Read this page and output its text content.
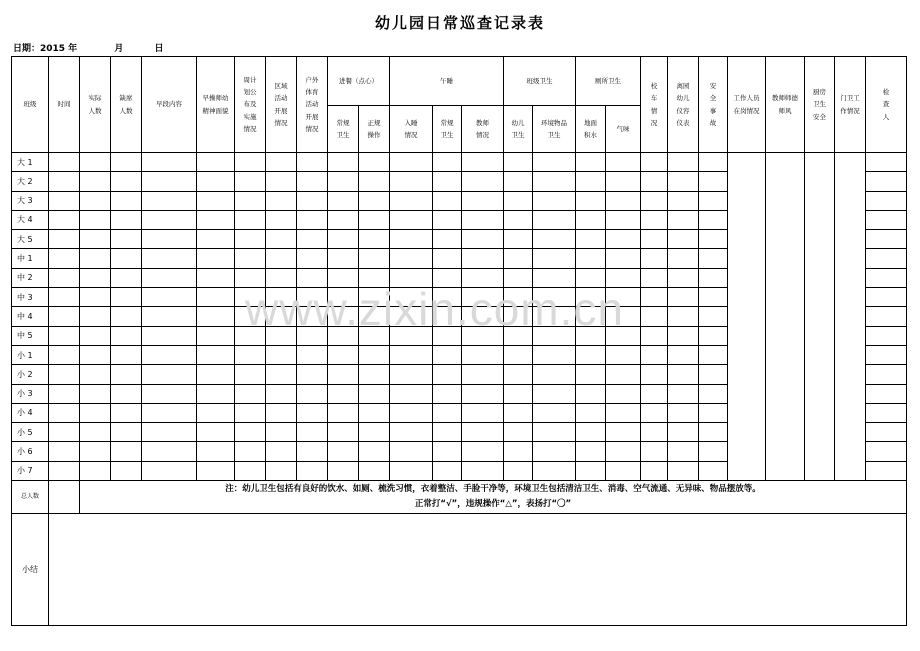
幼儿园日常巡查记录表
日期：2015 年	月	日
班级	时间	实际人数	缺席人数	早段内容	早操师幼精神面貌	周计划公布及实施情况	区域活动开展情况	户外体育活动开展情况	进餐（点心）		午睡			班级卫生		厕所卫生		校车情况	离园幼儿仪容仪表	安全事故	工作人员在岗情况	教师师德师风	厨房卫生安全	门卫工作情况	检查人

									常规卫生	正规操作	入睡情况	常规卫生	教师情况	幼儿卫生	环境物品卫生	地面积水	气味								
大 1																									
大 2																									
大 3																									
大 4																									
大 5																									
中 1																									
中 2																									
中 3																									
中 4																									
中 5																									
小 1																									
小 2																									
小 3																									
小 4																									
小 5																									
小 6																									
小 7																									
总人数		注：幼儿卫生包括有良好的饮水、如厕、梳洗习惯，衣着整洁、手脸干净等，环境卫生包括清洁卫生、消毒、空气流通、无异味、物品摆放等。
正常打“√”，违规操作“△”，表扬打“〇”																							

小结																									
www.zixin.com.cn
